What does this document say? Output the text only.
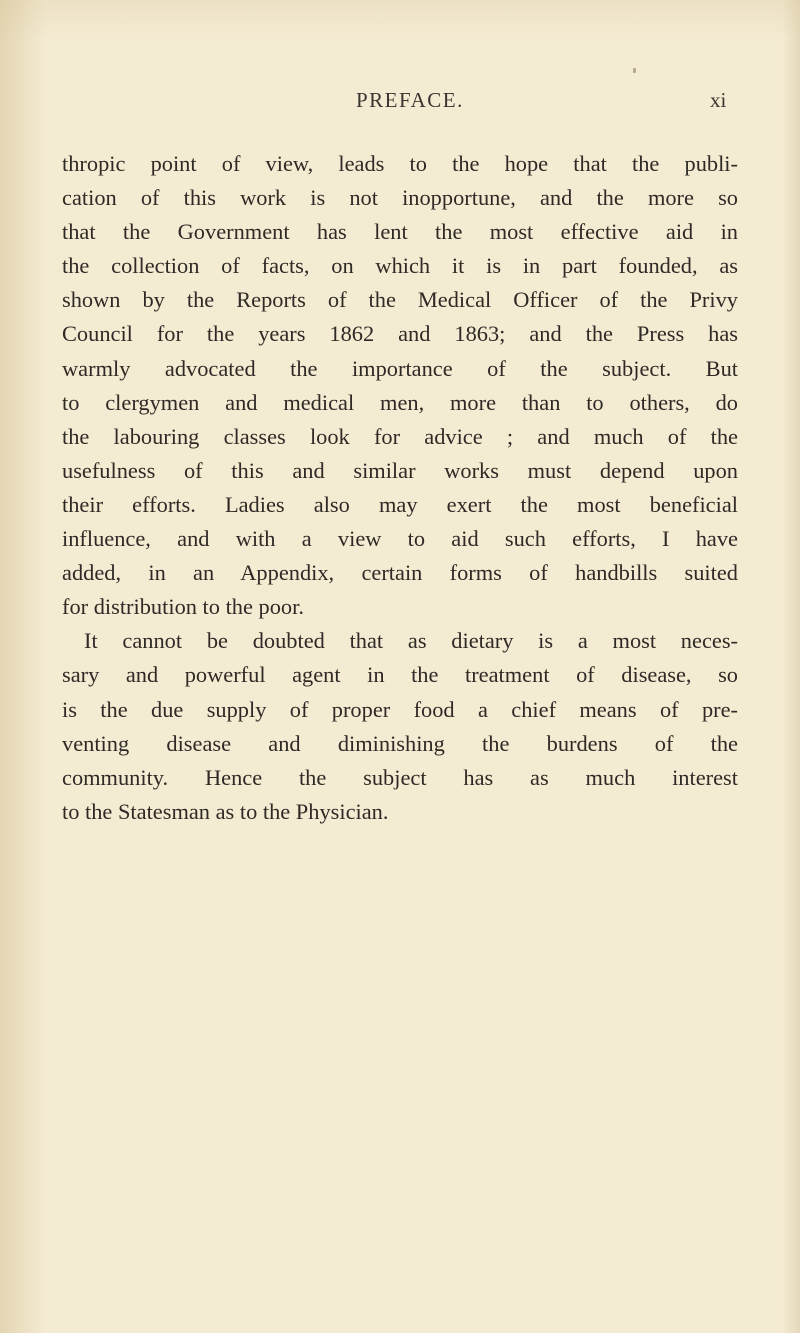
PREFACE.	xi
thropic point of view, leads to the hope that the publi-
cation of this work is not inopportune, and the more so
that the Government has lent the most effective aid in
the collection of facts, on which it is in part founded, as
shown by the Reports of the Medical Officer of the Privy
Council for the years 1862 and 1863; and the Press has
warmly advocated the importance of the subject. But
to clergymen and medical men, more than to others, do
the labouring classes look for advice ; and much of the
usefulness of this and similar works must depend upon
their efforts. Ladies also may exert the most beneficial
influence, and with a view to aid such efforts, I have
added, in an Appendix, certain forms of handbills suited
for distribution to the poor.
It cannot be doubted that as dietary is a most neces-
sary and powerful agent in the treatment of disease, so
is the due supply of proper food a chief means of pre-
venting disease and diminishing the burdens of the
community. Hence the subject has as much interest
to the Statesman as to the Physician.
